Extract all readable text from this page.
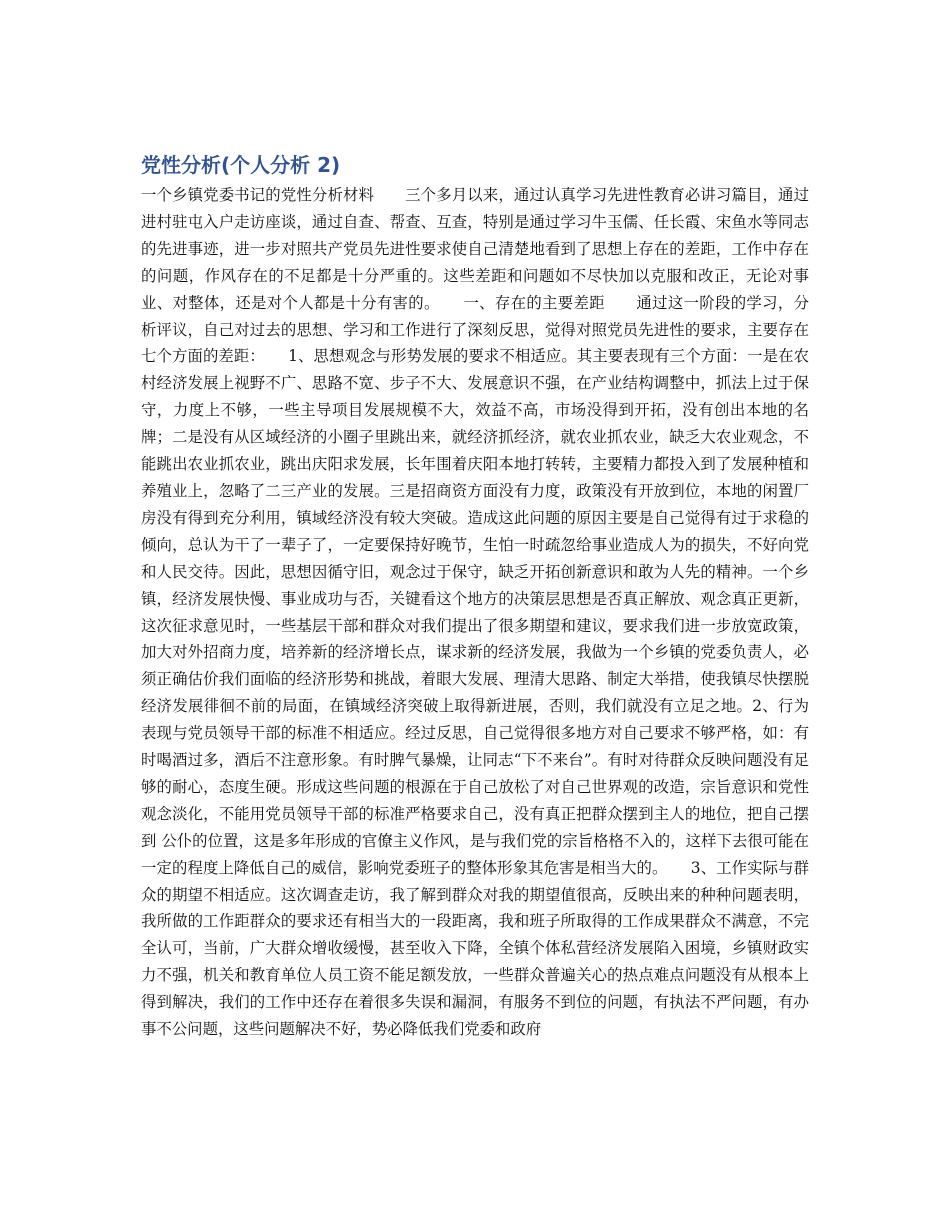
党性分析(个人分析 2)

一个乡镇党委书记的党性分析材料　　三个多月以来，通过认真学习先进性教育必讲习篇目，通过进村驻屯入户走访座谈，通过自查、帮查、互查，特别是通过学习牛玉儒、任长霞、宋鱼水等同志的先进事迹，进一步对照共产党员先进性要求使自己清楚地看到了思想上存在的差距，工作中存在的问题，作风存在的不足都是十分严重的。这些差距和问题如不尽快加以克服和改正，无论对事业、对整体，还是对个人都是十分有害的。　　一、存在的主要差距　　通过这一阶段的学习，分析评议，自己对过去的思想、学习和工作进行了深刻反思，觉得对照党员先进性的要求，主要存在七个方面的差距：　　1、思想观念与形势发展的要求不相适应。其主要表现有三个方面：一是在农村经济发展上视野不广、思路不宽、步子不大、发展意识不强，在产业结构调整中，抓法上过于保守，力度上不够，一些主导项目发展规模不大，效益不高，市场没得到开拓，没有创出本地的名牌；二是没有从区域经济的小圈子里跳出来，就经济抓经济，就农业抓农业，缺乏大农业观念，不能跳出农业抓农业，跳出庆阳求发展，长年围着庆阳本地打转转，主要精力都投入到了发展种植和养殖业上，忽略了二三产业的发展。三是招商资方面没有力度，政策没有开放到位，本地的闲置厂房没有得到充分利用，镇域经济没有较大突破。造成这此问题的原因主要是自己觉得有过于求稳的倾向，总认为干了一辈子了，一定要保持好晚节，生怕一时疏忽给事业造成人为的损失，不好向党和人民交待。因此，思想因循守旧，观念过于保守，缺乏开拓创新意识和敢为人先的精神。一个乡镇，经济发展快慢、事业成功与否，关键看这个地方的决策层思想是否真正解放、观念真正更新，这次征求意见时，一些基层干部和群众对我们提出了很多期望和建议，要求我们进一步放宽政策，加大对外招商力度，培养新的经济增长点，谋求新的经济发展，我做为一个乡镇的党委负责人，必须正确估价我们面临的经济形势和挑战，着眼大发展、理清大思路、制定大举措，使我镇尽快摆脱经济发展徘徊不前的局面，在镇域经济突破上取得新进展，否则，我们就没有立足之地。2、行为表现与党员领导干部的标准不相适应。经过反思，自己觉得很多地方对自己要求不够严格，如：有时喝酒过多，酒后不注意形象。有时脾气暴燥，让同志“下不来台”。有时对待群众反映问题没有足够的耐心，态度生硬。形成这些问题的根源在于自己放松了对自己世界观的改造，宗旨意识和党性观念淡化，不能用党员领导干部的标准严格要求自己，没有真正把群众摆到主人的地位，把自己摆到 公仆的位置，这是多年形成的官僚主义作风，是与我们党的宗旨格格不入的，这样下去很可能在一定的程度上降低自己的威信，影响党委班子的整体形象其危害是相当大的。　　3、工作实际与群众的期望不相适应。这次调查走访，我了解到群众对我的期望值很高，反映出来的种种问题表明，我所做的工作距群众的要求还有相当大的一段距离，我和班子所取得的工作成果群众不满意，不完全认可，当前，广大群众增收缓慢，甚至收入下降，全镇个体私营经济发展陷入困境，乡镇财政实力不强，机关和教育单位人员工资不能足额发放，一些群众普遍关心的热点难点问题没有从根本上得到解决，我们的工作中还存在着很多失误和漏洞，有服务不到位的问题，有执法不严问题，有办事不公问题，这些问题解决不好，势必降低我们党委和政府
